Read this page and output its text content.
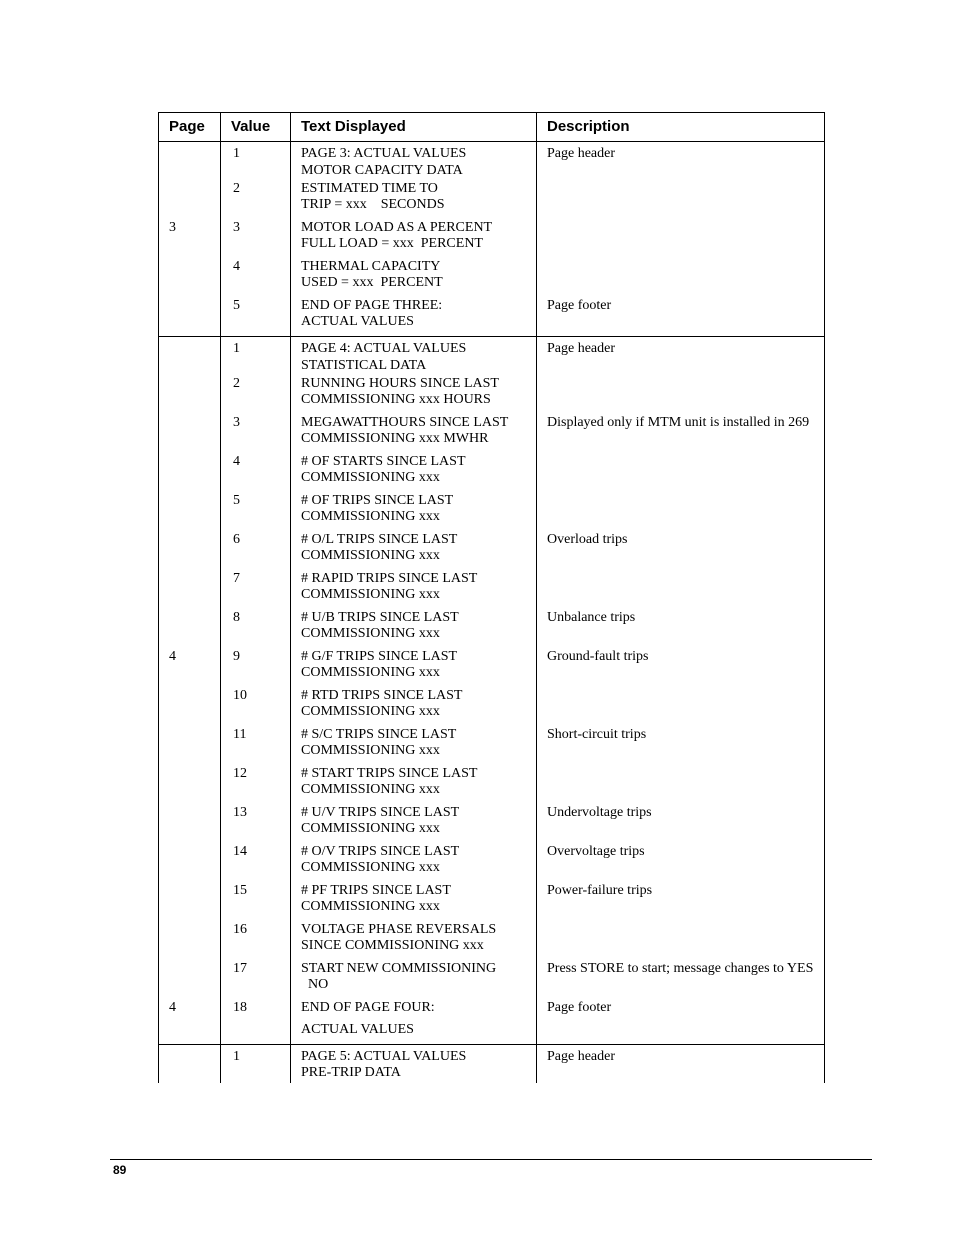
Page	Value	Text Displayed	Description
	1	PAGE 3: ACTUAL VALUES
MOTOR CAPACITY DATA	Page header
	2	ESTIMATED TIME TO
TRIP = xxx    SECONDS	

3	3	MOTOR LOAD AS A PERCENT
FULL LOAD = xxx  PERCENT	

	4	THERMAL CAPACITY
USED = xxx  PERCENT	

	5	END OF PAGE THREE:
ACTUAL VALUES	Page footer
	1	PAGE 4: ACTUAL VALUES
STATISTICAL DATA	Page header
	2	RUNNING HOURS SINCE LAST
COMMISSIONING xxx HOURS	

	3	MEGAWATTHOURS SINCE LAST
COMMISSIONING xxx MWHR	Displayed only if MTM unit is installed in 269
	4	# OF STARTS SINCE LAST
COMMISSIONING xxx	

	5	# OF TRIPS SINCE LAST
COMMISSIONING xxx	

	6	# O/L TRIPS SINCE LAST
COMMISSIONING xxx	Overload trips
	7	# RAPID TRIPS SINCE LAST
COMMISSIONING xxx	

	8	# U/B TRIPS SINCE LAST
COMMISSIONING xxx	Unbalance trips
4	9	# G/F TRIPS SINCE LAST
COMMISSIONING xxx	Ground-fault trips
	10	# RTD TRIPS SINCE LAST
COMMISSIONING xxx	

	11	# S/C TRIPS SINCE LAST
COMMISSIONING xxx	Short-circuit trips
	12	# START TRIPS SINCE LAST
COMMISSIONING xxx	

	13	# U/V TRIPS SINCE LAST
COMMISSIONING xxx	Undervoltage trips
	14	# O/V TRIPS SINCE LAST
COMMISSIONING xxx	Overvoltage trips
	15	# PF TRIPS SINCE LAST
COMMISSIONING xxx	Power-failure trips
	16	VOLTAGE PHASE REVERSALS
SINCE COMMISSIONING xxx	

	17	START NEW COMMISSIONING
NO	Press STORE to start; message changes to YES
4	18	END OF PAGE FOUR:	Page footer

		ACTUAL VALUES	

	1	PAGE 5: ACTUAL VALUES
PRE-TRIP DATA	Page header
89
